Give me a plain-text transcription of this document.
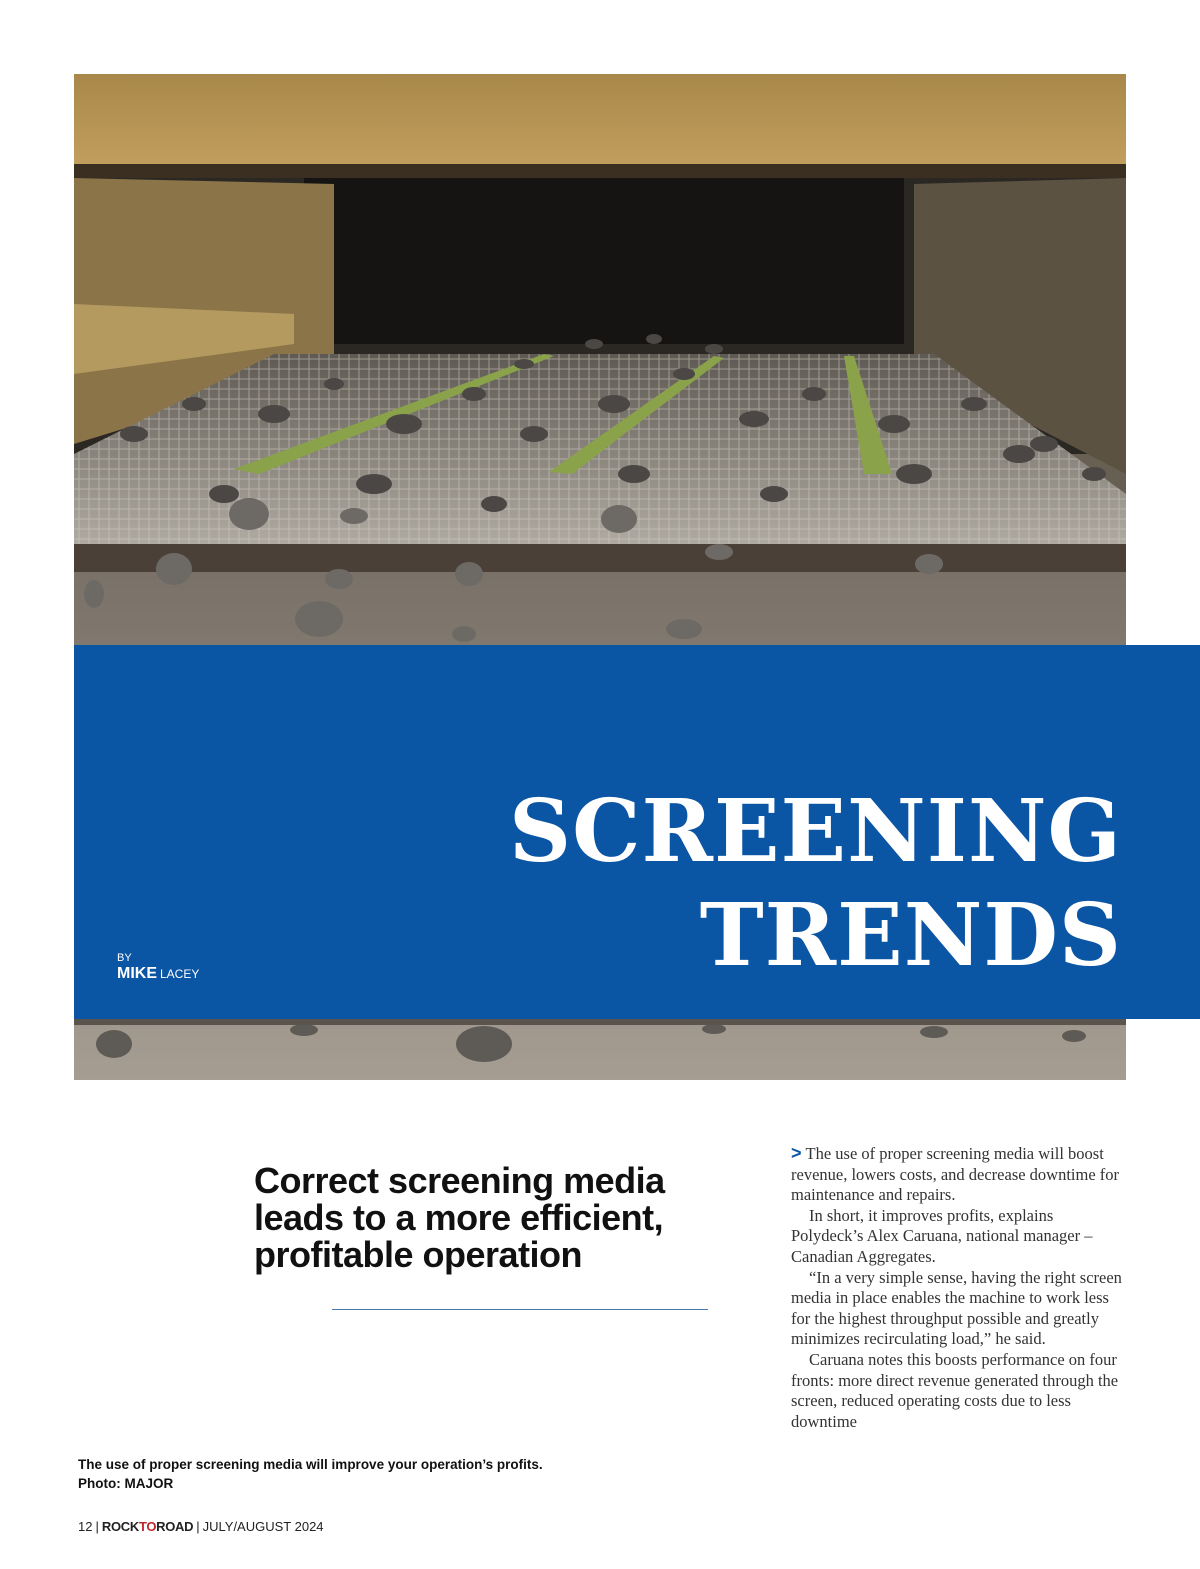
SCREENING
TRENDS
BY
MIKE LACEY
Correct screening media leads to a more efficient, profitable operation

The use of proper screening media will improve your operation’s profits.
Photo: MAJOR

> The use of proper screening media will boost revenue, lowers costs, and decrease downtime for maintenance and repairs.

In short, it improves profits, explains Polydeck’s Alex Caruana, national manager – Canadian Aggregates.

“In a very simple sense, having the right screen media in place enables the machine to work less for the highest throughput possible and greatly minimizes recirculating load,” he said.

Caruana notes this boosts performance on four fronts: more direct revenue generated through the screen, reduced operating costs due to less downtime

12 | ROCKTOROAD | JULY/AUGUST 2024
